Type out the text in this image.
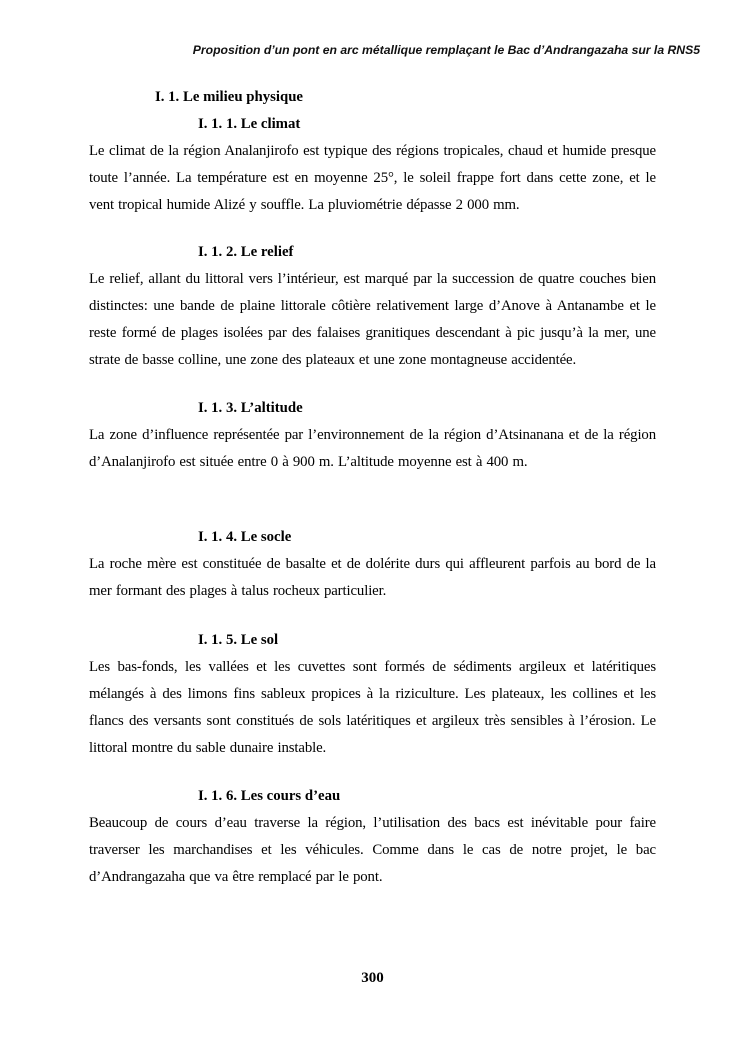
Proposition d’un pont en arc métallique remplaçant le Bac d’Andrangazaha sur la RNS5
I. 1. Le milieu physique
I. 1. 1. Le climat

Le climat de la région Analanjirofo est typique des régions tropicales, chaud et humide presque toute l’année. La température est en moyenne 25°, le soleil frappe fort dans cette zone, et le vent tropical humide Alizé y souffle. La pluviométrie dépasse 2 000 mm.

I. 1. 2. Le relief

Le relief, allant du littoral vers l’intérieur, est marqué par la succession de quatre couches bien distinctes: une bande de plaine littorale côtière relativement large d’Anove à Antanambe et le reste formé de plages isolées par des falaises granitiques descendant à pic jusqu’à la mer, une strate de basse colline, une zone des plateaux et une zone montagneuse accidentée.

I. 1. 3. L’altitude

La zone d’influence représentée par l’environnement de la région d’Atsinanana et de la région d’Analanjirofo est située entre 0 à 900 m. L’altitude moyenne est à 400 m.

I. 1. 4. Le socle

La roche mère est constituée de basalte et de dolérite durs qui affleurent parfois au bord de la mer formant des plages à talus rocheux particulier.

I. 1. 5. Le sol

Les bas-fonds, les vallées et les cuvettes sont formés de sédiments argileux et latéritiques mélangés à des limons fins sableux propices à la riziculture. Les plateaux, les collines et les flancs des versants sont constitués de sols latéritiques et argileux très sensibles à l’érosion. Le littoral montre du sable dunaire instable.

I. 1. 6. Les cours d’eau

Beaucoup de cours d’eau traverse la région, l’utilisation des bacs est inévitable pour faire traverser les marchandises et les véhicules. Comme dans le cas de notre projet, le bac d’Andrangazaha que va être remplacé par le pont.

300
